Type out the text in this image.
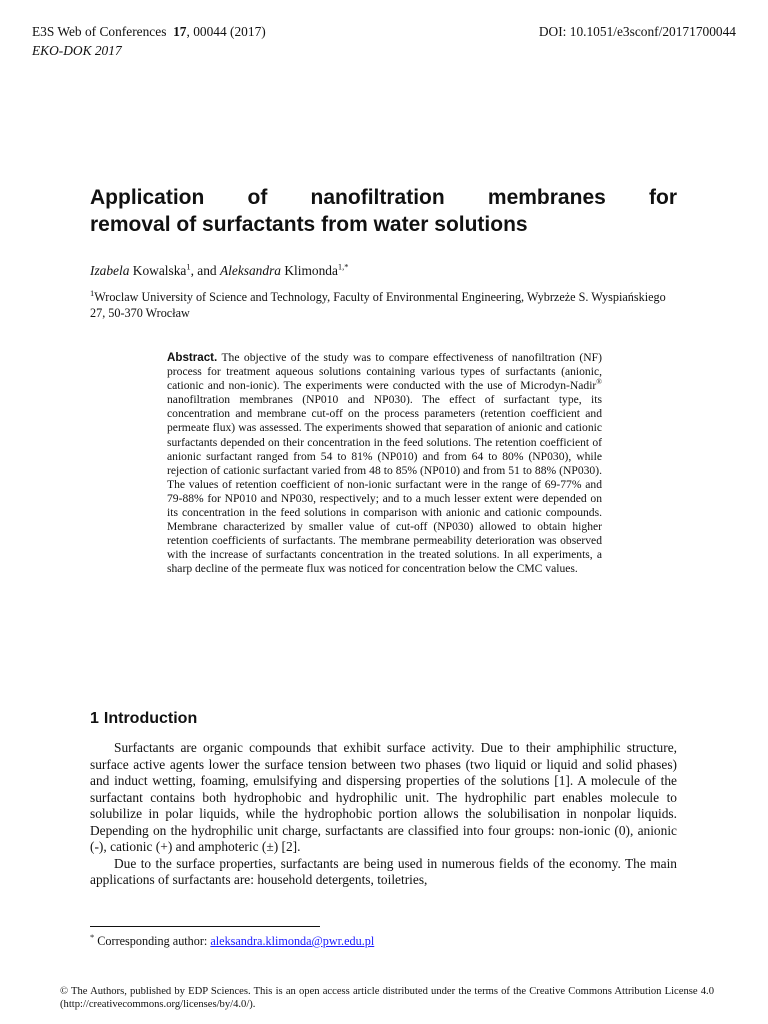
E3S Web of Conferences 17, 00044 (2017)
EKO-DOK 2017
DOI: 10.1051/e3sconf/20171700044
Application of nanofiltration membranes for
removal of surfactants from water solutions
Izabela Kowalska$^1$, and Aleksandra Klimonda$^{1,*}$
$^1$Wroclaw University of Science and Technology, Faculty of Environmental Engineering, Wybrzeże S. Wyspiańskiego 27, 50-370 Wrocław
Abstract. The objective of the study was to compare effectiveness of nanofiltration (NF) process for treatment aqueous solutions containing various types of surfactants (anionic, cationic and non-ionic). The experiments were conducted with the use of Microdyn-Nadir® nanofiltration membranes (NP010 and NP030). The effect of surfactant type, its concentration and membrane cut-off on the process parameters (retention coefficient and permeate flux) was assessed. The experiments showed that separation of anionic and cationic surfactants depended on their concentration in the feed solutions. The retention coefficient of anionic surfactant ranged from 54 to 81% (NP010) and from 64 to 80% (NP030), while rejection of cationic surfactant varied from 48 to 85% (NP010) and from 51 to 88% (NP030). The values of retention coefficient of non-ionic surfactant were in the range of 69-77% and 79-88% for NP010 and NP030, respectively; and to a much lesser extent were depended on its concentration in the feed solutions in comparison with anionic and cationic compounds. Membrane characterized by smaller value of cut-off (NP030) allowed to obtain higher retention coefficients of surfactants. The membrane permeability deterioration was observed with the increase of surfactants concentration in the treated solutions. In all experiments, a sharp decline of the permeate flux was noticed for concentration below the CMC values.
1 Introduction

Surfactants are organic compounds that exhibit surface activity. Due to their amphiphilic structure, surface active agents lower the surface tension between two phases (two liquid or liquid and solid phases) and induct wetting, foaming, emulsifying and dispersing properties of the solutions [1]. A molecule of the surfactant contains both hydrophobic and hydrophilic unit. The hydrophilic part enables molecule to solubilize in polar liquids, while the hydrophobic portion allows the solubilisation in nonpolar liquids. Depending on the hydrophilic unit charge, surfactants are classified into four groups: non-ionic (0), anionic (-), cationic (+) and amphoteric (±) [2].

Due to the surface properties, surfactants are being used in numerous fields of the economy. The main applications of surfactants are: household detergents, toiletries,

* Corresponding author: aleksandra.klimonda@pwr.edu.pl
© The Authors, published by EDP Sciences. This is an open access article distributed under the terms of the Creative Commons Attribution License 4.0 (http://creativecommons.org/licenses/by/4.0/).
